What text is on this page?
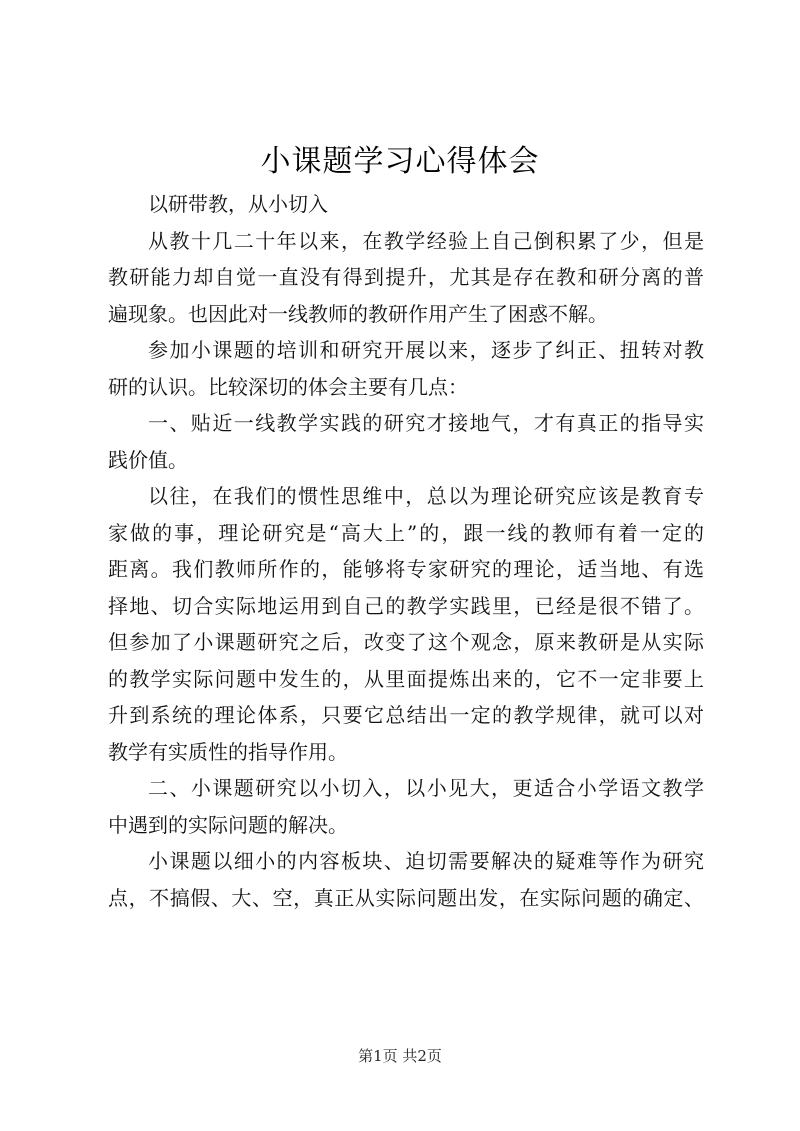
小课题学习心得体会
以研带教，从小切入
从教十几二十年以来，在教学经验上自己倒积累了少，但是
教研能力却自觉一直没有得到提升，尤其是存在教和研分离的普
遍现象。也因此对一线教师的教研作用产生了困惑不解。
参加小课题的培训和研究开展以来，逐步了纠正、扭转对教
研的认识。比较深切的体会主要有几点：
一、贴近一线教学实践的研究才接地气，才有真正的指导实
践价值。
以往，在我们的惯性思维中，总以为理论研究应该是教育专
家做的事，理论研究是“高大上”的，跟一线的教师有着一定的
距离。我们教师所作的，能够将专家研究的理论，适当地、有选
择地、切合实际地运用到自己的教学实践里，已经是很不错了。
但参加了小课题研究之后，改变了这个观念，原来教研是从实际
的教学实际问题中发生的，从里面提炼出来的，它不一定非要上
升到系统的理论体系，只要它总结出一定的教学规律，就可以对
教学有实质性的指导作用。
二、小课题研究以小切入，以小见大，更适合小学语文教学
中遇到的实际问题的解决。
小课题以细小的内容板块、迫切需要解决的疑难等作为研究
点，不搞假、大、空，真正从实际问题出发，在实际问题的确定、
第1页 共2页
